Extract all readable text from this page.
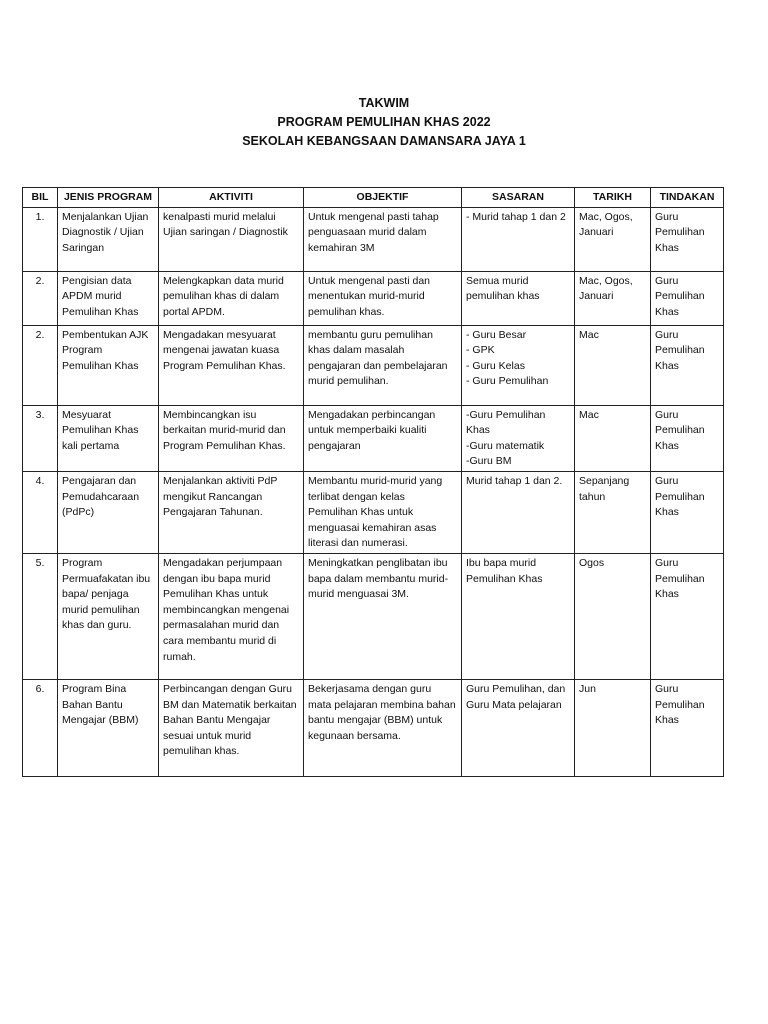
TAKWIM
PROGRAM PEMULIHAN KHAS 2022
SEKOLAH KEBANGSAAN DAMANSARA JAYA 1
BIL	JENIS PROGRAM	AKTIVITI	OBJEKTIF	SASARAN	TARIKH	TINDAKAN
1.	Menjalankan Ujian Diagnostik / Ujian Saringan	kenalpasti murid melalui Ujian saringan / Diagnostik	Untuk mengenal pasti tahap penguasaan murid dalam kemahiran 3M	- Murid tahap 1 dan 2	Mac, Ogos, Januari	Guru Pemulihan Khas
2.	Pengisian data APDM murid Pemulihan Khas	Melengkapkan data murid pemulihan khas di dalam portal APDM.	Untuk mengenal pasti dan menentukan murid-murid pemulihan khas.	Semua murid pemulihan khas	Mac, Ogos, Januari	Guru Pemulihan Khas
2.	Pembentukan AJK Program Pemulihan Khas	Mengadakan mesyuarat mengenai jawatan kuasa Program Pemulihan Khas.	membantu guru pemulihan khas dalam masalah pengajaran dan pembelajaran murid pemulihan.	- Guru Besar
- GPK
- Guru Kelas
- Guru Pemulihan	Mac	Guru Pemulihan Khas
3.	Mesyuarat Pemulihan Khas kali pertama	Membincangkan isu berkaitan murid-murid dan Program Pemulihan Khas.	Mengadakan perbincangan untuk memperbaiki kualiti pengajaran	-Guru Pemulihan
Khas
-Guru matematik
-Guru BM	Mac	Guru Pemulihan Khas
4.	Pengajaran dan Pemudahcaraan (PdPc)	Menjalankan aktiviti PdP mengikut Rancangan Pengajaran Tahunan.	Membantu murid-murid yang terlibat dengan kelas Pemulihan Khas untuk menguasai kemahiran asas literasi dan numerasi.	Murid tahap 1 dan 2.	Sepanjang tahun	Guru Pemulihan Khas
5.	Program Permuafakatan ibu bapa/ penjaga murid pemulihan khas dan guru.	Mengadakan perjumpaan dengan ibu bapa murid Pemulihan Khas untuk membincangkan mengenai permasalahan murid dan cara membantu murid di rumah.	Meningkatkan penglibatan ibu bapa dalam membantu murid-murid menguasai 3M.	Ibu bapa murid Pemulihan Khas	Ogos	Guru Pemulihan Khas
6.	Program Bina Bahan Bantu Mengajar (BBM)	Perbincangan dengan Guru BM dan Matematik berkaitan Bahan Bantu Mengajar sesuai untuk murid pemulihan khas.	Bekerjasama dengan guru mata pelajaran membina bahan bantu mengajar (BBM) untuk kegunaan bersama.	Guru Pemulihan, dan Guru Mata pelajaran	Jun	Guru Pemulihan Khas
